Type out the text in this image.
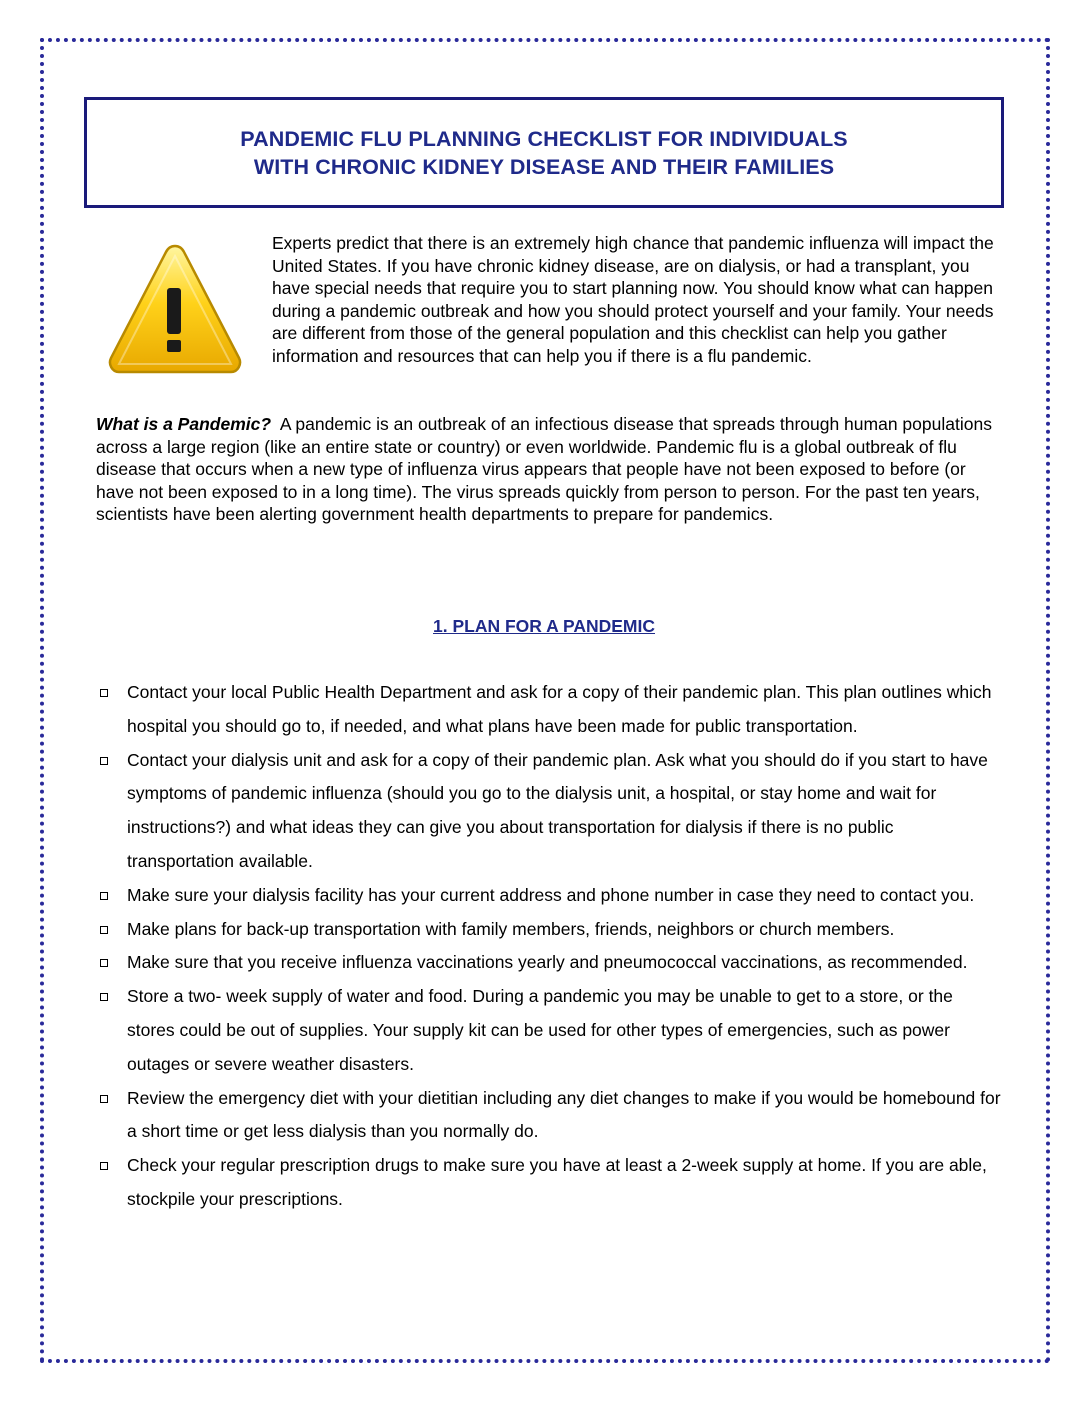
PANDEMIC FLU PLANNING CHECKLIST FOR INDIVIDUALS
WITH CHRONIC KIDNEY DISEASE AND THEIR FAMILIES
Experts predict that there is an extremely high chance that pandemic influenza will impact the United States. If you have chronic kidney disease, are on dialysis, or had a transplant, you have special needs that require you to start planning now. You should know what can happen during a pandemic outbreak and how you should protect yourself and your family. Your needs are different from those of the general population and this checklist can help you gather information and resources that can help you if there is a flu pandemic.
What is a Pandemic? A pandemic is an outbreak of an infectious disease that spreads through human populations across a large region (like an entire state or country) or even worldwide. Pandemic flu is a global outbreak of flu disease that occurs when a new type of influenza virus appears that people have not been exposed to before (or have not been exposed to in a long time). The virus spreads quickly from person to person. For the past ten years, scientists have been alerting government health departments to prepare for pandemics.
1. PLAN FOR A PANDEMIC
Contact your local Public Health Department and ask for a copy of their pandemic plan. This plan outlines which hospital you should go to, if needed, and what plans have been made for public transportation.
Contact your dialysis unit and ask for a copy of their pandemic plan. Ask what you should do if you start to have symptoms of pandemic influenza (should you go to the dialysis unit, a hospital, or stay home and wait for instructions?) and what ideas they can give you about transportation for dialysis if there is no public transportation available.
Make sure your dialysis facility has your current address and phone number in case they need to contact you.
Make plans for back-up transportation with family members, friends, neighbors or church members.
Make sure that you receive influenza vaccinations yearly and pneumococcal vaccinations, as recommended.
Store a two- week supply of water and food. During a pandemic you may be unable to get to a store, or the stores could be out of supplies. Your supply kit can be used for other types of emergencies, such as power outages or severe weather disasters.
Review the emergency diet with your dietitian including any diet changes to make if you would be homebound for a short time or get less dialysis than you normally do.
Check your regular prescription drugs to make sure you have at least a 2-week supply at home. If you are able, stockpile your prescriptions.
